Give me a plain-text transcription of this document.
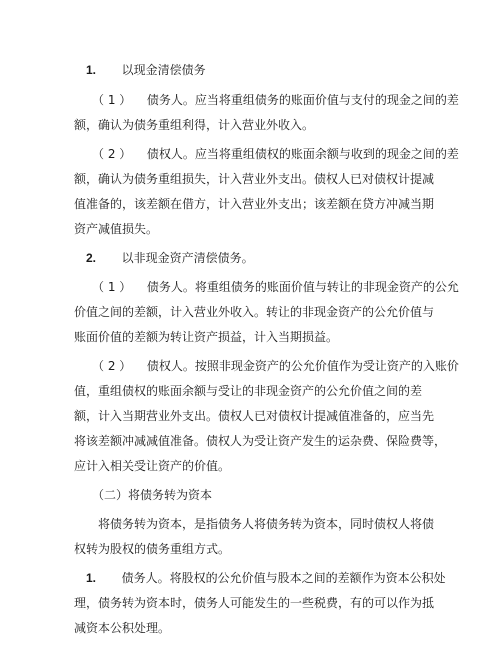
1. 以现金清偿债务
（ 1 ） 债务人。应当将重组债务的账面价值与支付的现金之间的差
额，确认为债务重组利得，计入营业外收入。
（ 2 ） 债权人。应当将重组债权的账面余额与收到的现金之间的差
额，确认为债务重组损失，计入营业外支出。债权人已对债权计提减
值准备的，该差额在借方，计入营业外支出；该差额在贷方冲减当期
资产减值损失。
2. 以非现金资产清偿债务。
（ 1 ） 债务人。将重组债务的账面价值与转让的非现金资产的公允
价值之间的差额，计入营业外收入。转让的非现金资产的公允价值与
账面价值的差额为转让资产损益，计入当期损益。
（ 2 ） 债权人。按照非现金资产的公允价值作为受让资产的入账价
值，重组债权的账面余额与受让的非现金资产的公允价值之间的差
额，计入当期营业外支出。债权人已对债权计提减值准备的，应当先
将该差额冲减减值准备。债权人为受让资产发生的运杂费、保险费等，
应计入相关受让资产的价值。
（二）将债务转为资本
将债务转为资本，是指债务人将债务转为资本，同时债权人将债
权转为股权的债务重组方式。
1. 债务人。将股权的公允价值与股本之间的差额作为资本公积处
理，债务转为资本时，债务人可能发生的一些税费，有的可以作为抵
减资本公积处理。
